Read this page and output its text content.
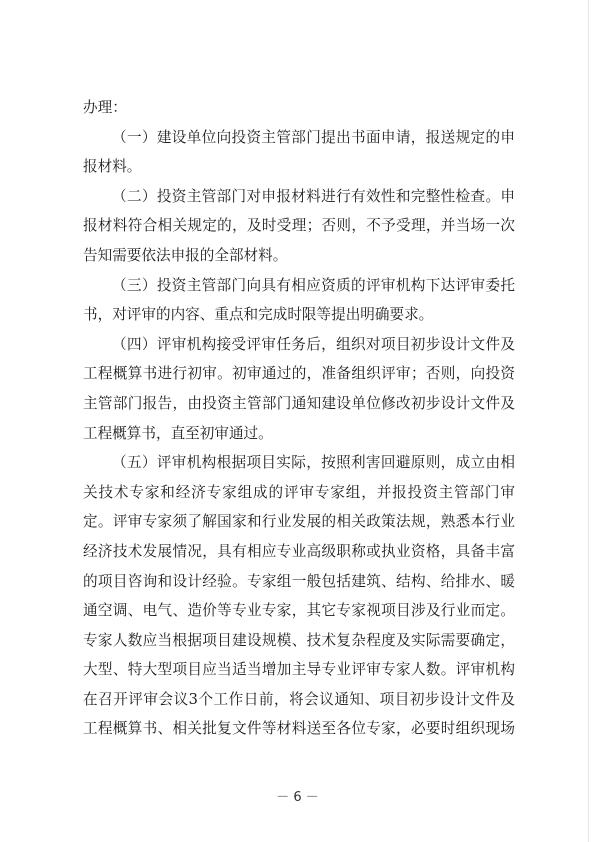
办理：

（一）建设单位向投资主管部门提出书面申请，报送规定的申报材料。

（二）投资主管部门对申报材料进行有效性和完整性检查。申报材料符合相关规定的，及时受理；否则，不予受理，并当场一次告知需要依法申报的全部材料。

（三）投资主管部门向具有相应资质的评审机构下达评审委托书，对评审的内容、重点和完成时限等提出明确要求。

（四）评审机构接受评审任务后，组织对项目初步设计文件及工程概算书进行初审。初审通过的，准备组织评审；否则，向投资主管部门报告，由投资主管部门通知建设单位修改初步设计文件及工程概算书，直至初审通过。

（五）评审机构根据项目实际，按照利害回避原则，成立由相关技术专家和经济专家组成的评审专家组，并报投资主管部门审定。评审专家须了解国家和行业发展的相关政策法规，熟悉本行业经济技术发展情况，具有相应专业高级职称或执业资格，具备丰富的项目咨询和设计经验。专家组一般包括建筑、结构、给排水、暖通空调、电气、造价等专业专家，其它专家视项目涉及行业而定。专家人数应当根据项目建设规模、技术复杂程度及实际需要确定，大型、特大型项目应当适当增加主导专业评审专家人数。评审机构在召开评审会议3个工作日前，将会议通知、项目初步设计文件及工程概算书、相关批复文件等材料送至各位专家，必要时组织现场

－ 6 －
